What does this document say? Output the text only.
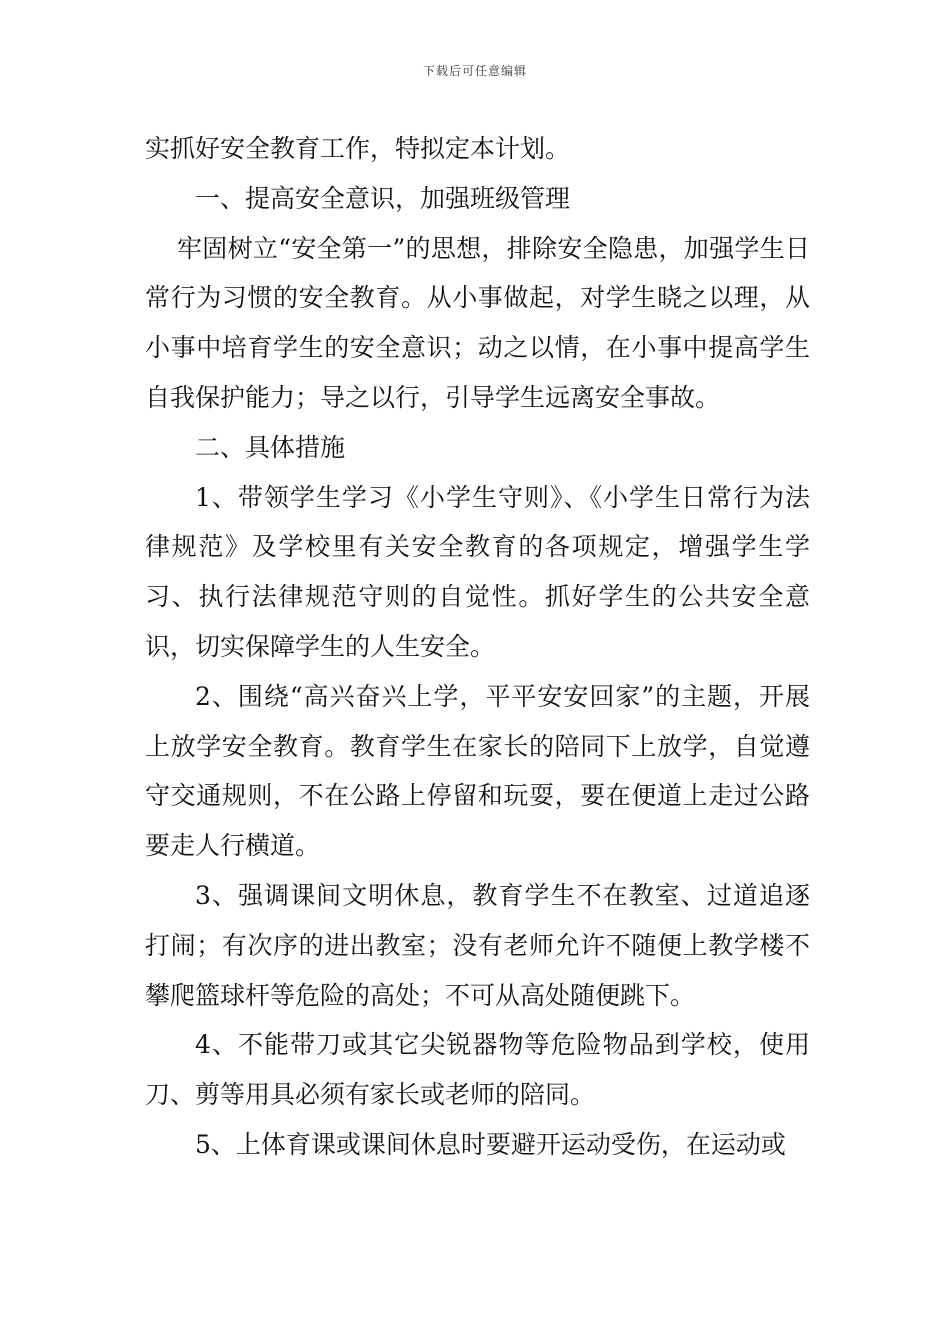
下载后可任意编辑

实抓好安全教育工作，特拟定本计划。

一、提高安全意识，加强班级管理

牢固树立“安全第一”的思想，排除安全隐患，加强学生日常行为习惯的安全教育。从小事做起，对学生晓之以理，从小事中培育学生的安全意识；动之以情，在小事中提高学生自我保护能力；导之以行，引导学生远离安全事故。

二、具体措施

1、带领学生学习《小学生守则》、《小学生日常行为法律规范》及学校里有关安全教育的各项规定，增强学生学习、执行法律规范守则的自觉性。抓好学生的公共安全意识，切实保障学生的人生安全。

2、围绕“高兴奋兴上学，平平安安回家”的主题，开展上放学安全教育。教育学生在家长的陪同下上放学，自觉遵守交通规则，不在公路上停留和玩耍，要在便道上走过公路要走人行横道。

3、强调课间文明休息，教育学生不在教室、过道追逐打闹；有次序的进出教室；没有老师允许不随便上教学楼不攀爬篮球杆等危险的高处；不可从高处随便跳下。

4、不能带刀或其它尖锐器物等危险物品到学校，使用刀、剪等用具必须有家长或老师的陪同。

5、上体育课或课间休息时要避开运动受伤，在运动或
